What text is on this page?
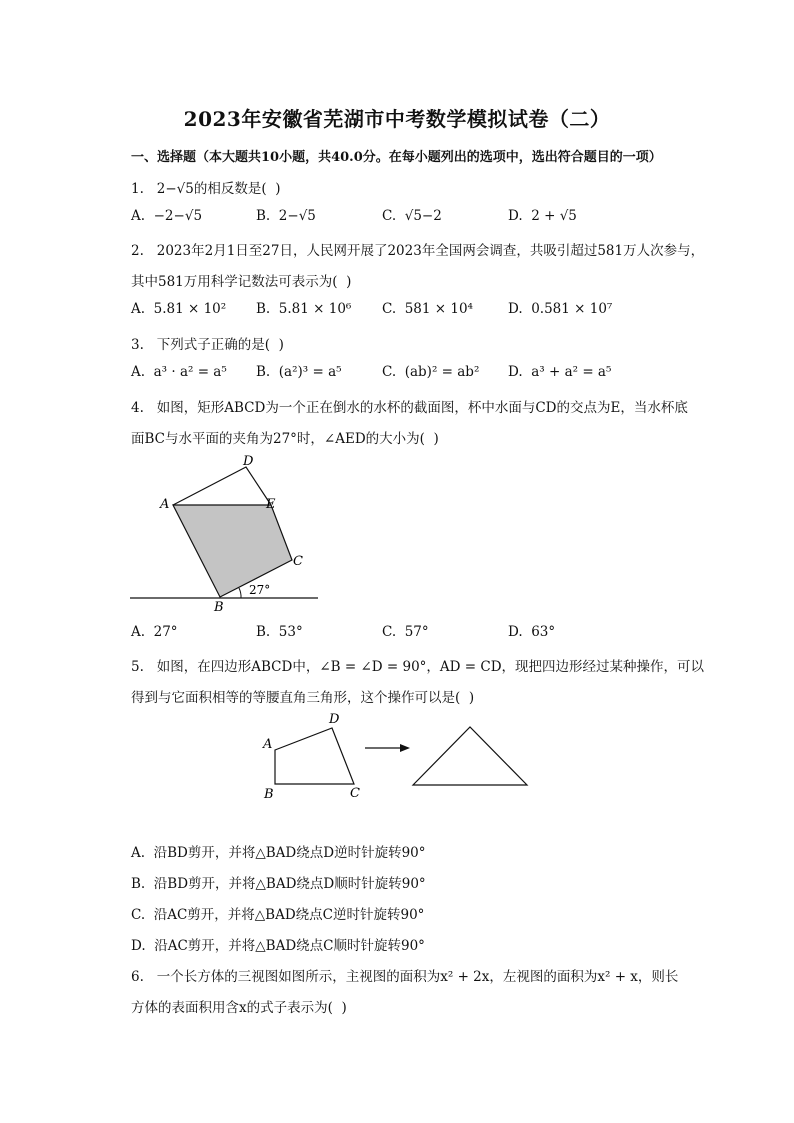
2023年安徽省芜湖市中考数学模拟试卷（二）
一、选择题（本大题共10小题，共40.0分。在每小题列出的选项中，选出符合题目的一项）
1.   2−√5的相反数是(  )
A.  −2−√5	B.  2−√5	C.  √5−2	D.  2 + √5
2.   2023年2月1日至27日，人民网开展了2023年全国两会调查，共吸引超过581万人次参与，
其中581万用科学记数法可表示为(  )
A.  5.81 × 10² B.  5.81 × 10⁶ C.  581 × 10⁴	D.  0.581 × 10⁷
3.   下列式子正确的是(  )
A.  a³ · a² = a⁵ B.  (a²)³ = a⁵	C.  (ab)² = ab² D.  a³ + a² = a⁵
4.   如图，矩形ABCD为一个正在倒水的水杯的截面图，杯中水面与CD的交点为E，当水杯底
面BC与水平面的夹角为27°时，∠AED的大小为(  )
A
B
C
D
E
27°
A.  27°	B.  53°	C.  57°	D.  63°
5.   如图，在四边形ABCD中，∠B = ∠D = 90°，AD = CD，现把四边形经过某种操作，可以
得到与它面积相等的等腰直角三角形，这个操作可以是(  )
A
B	C
D
A.  沿BD剪开，并将△BAD绕点D逆时针旋转90°
B.  沿BD剪开，并将△BAD绕点D顺时针旋转90°
C.  沿AC剪开，并将△BAD绕点C逆时针旋转90°
D.  沿AC剪开，并将△BAD绕点C顺时针旋转90°
6.   一个长方体的三视图如图所示，主视图的面积为x² + 2x，左视图的面积为x² + x，则长
方体的表面积用含x的式子表示为(  )
